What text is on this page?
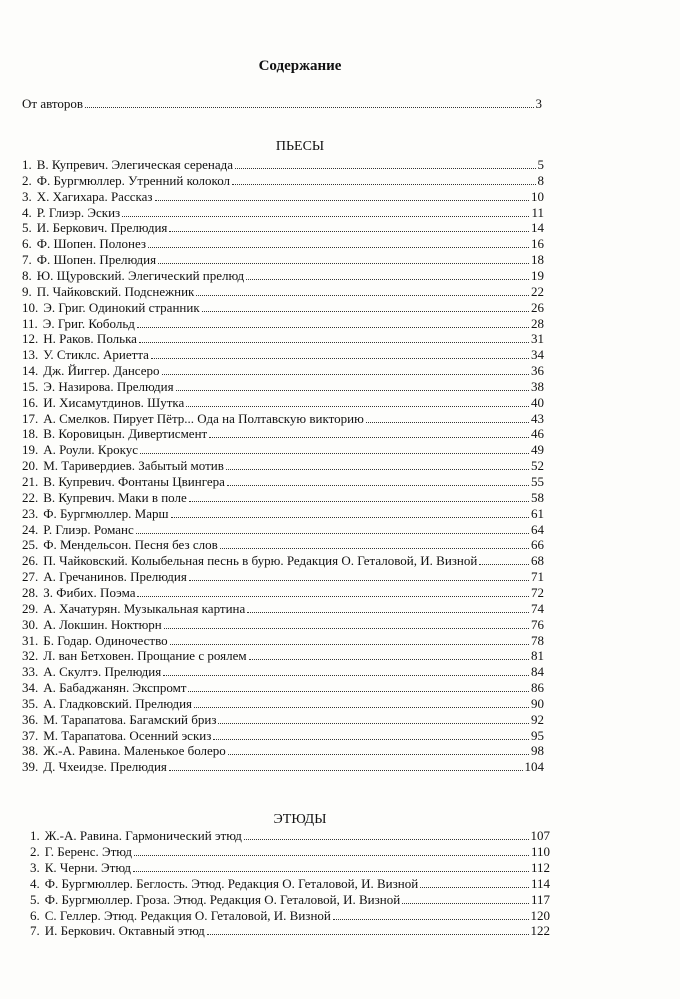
Содержание
От авторов	3
ПЬЕСЫ
1. В. Купревич. Элегическая серенада	5
2. Ф. Бургмюллер. Утренний колокол	8
3. Х. Хагихара. Рассказ	10
4. Р. Глиэр. Эскиз	11
5. И. Беркович. Прелюдия	14
6. Ф. Шопен. Полонез	16
7. Ф. Шопен. Прелюдия	18
8. Ю. Щуровский. Элегический прелюд	19
9. П. Чайковский. Подснежник	22
10. Э. Григ. Одинокий странник	26
11. Э. Григ. Кобольд	28
12. Н. Раков. Полька	31
13. У. Стиклс. Ариетта	34
14. Дж. Йиггер. Дансеро	36
15. Э. Назирова. Прелюдия	38
16. И. Хисамутдинов. Шутка	40
17. А. Смелков. Пирует Пётр... Ода на Полтавскую викторию	43
18. В. Коровицын. Дивертисмент	46
19. А. Роули. Крокус	49
20. М. Таривердиев. Забытый мотив	52
21. В. Купревич. Фонтаны Цвингера	55
22. В. Купревич. Маки в поле	58
23. Ф. Бургмюллер. Марш	61
24. Р. Глиэр. Романс	64
25. Ф. Мендельсон. Песня без слов	66
26. П. Чайковский. Колыбельная песнь в бурю. Редакция О. Геталовой, И. Визной	68
27. А. Гречанинов. Прелюдия	71
28. З. Фибих. Поэма	72
29. А. Хачатурян. Музыкальная картина	74
30. А. Локшин. Ноктюрн	76
31. Б. Годар. Одиночество	78
32. Л. ван Бетховен. Прощание с роялем	81
33. А. Скултэ. Прелюдия	84
34. А. Бабаджанян. Экспромт	86
35. А. Гладковский. Прелюдия	90
36. М. Тарапатова. Багамский бриз	92
37. М. Тарапатова. Осенний эскиз	95
38. Ж.-А. Равина. Маленькое болеро	98
39. Д. Чхеидзе. Прелюдия	104
ЭТЮДЫ
1. Ж.-А. Равина. Гармонический этюд	107
2. Г. Беренс. Этюд	110
3. К. Черни. Этюд	112
4. Ф. Бургмюллер. Беглость. Этюд. Редакция О. Геталовой, И. Визной	114
5. Ф. Бургмюллер. Гроза. Этюд. Редакция О. Геталовой, И. Визной	117
6. С. Геллер. Этюд. Редакция О. Геталовой, И. Визной	120
7. И. Беркович. Октавный этюд	122
